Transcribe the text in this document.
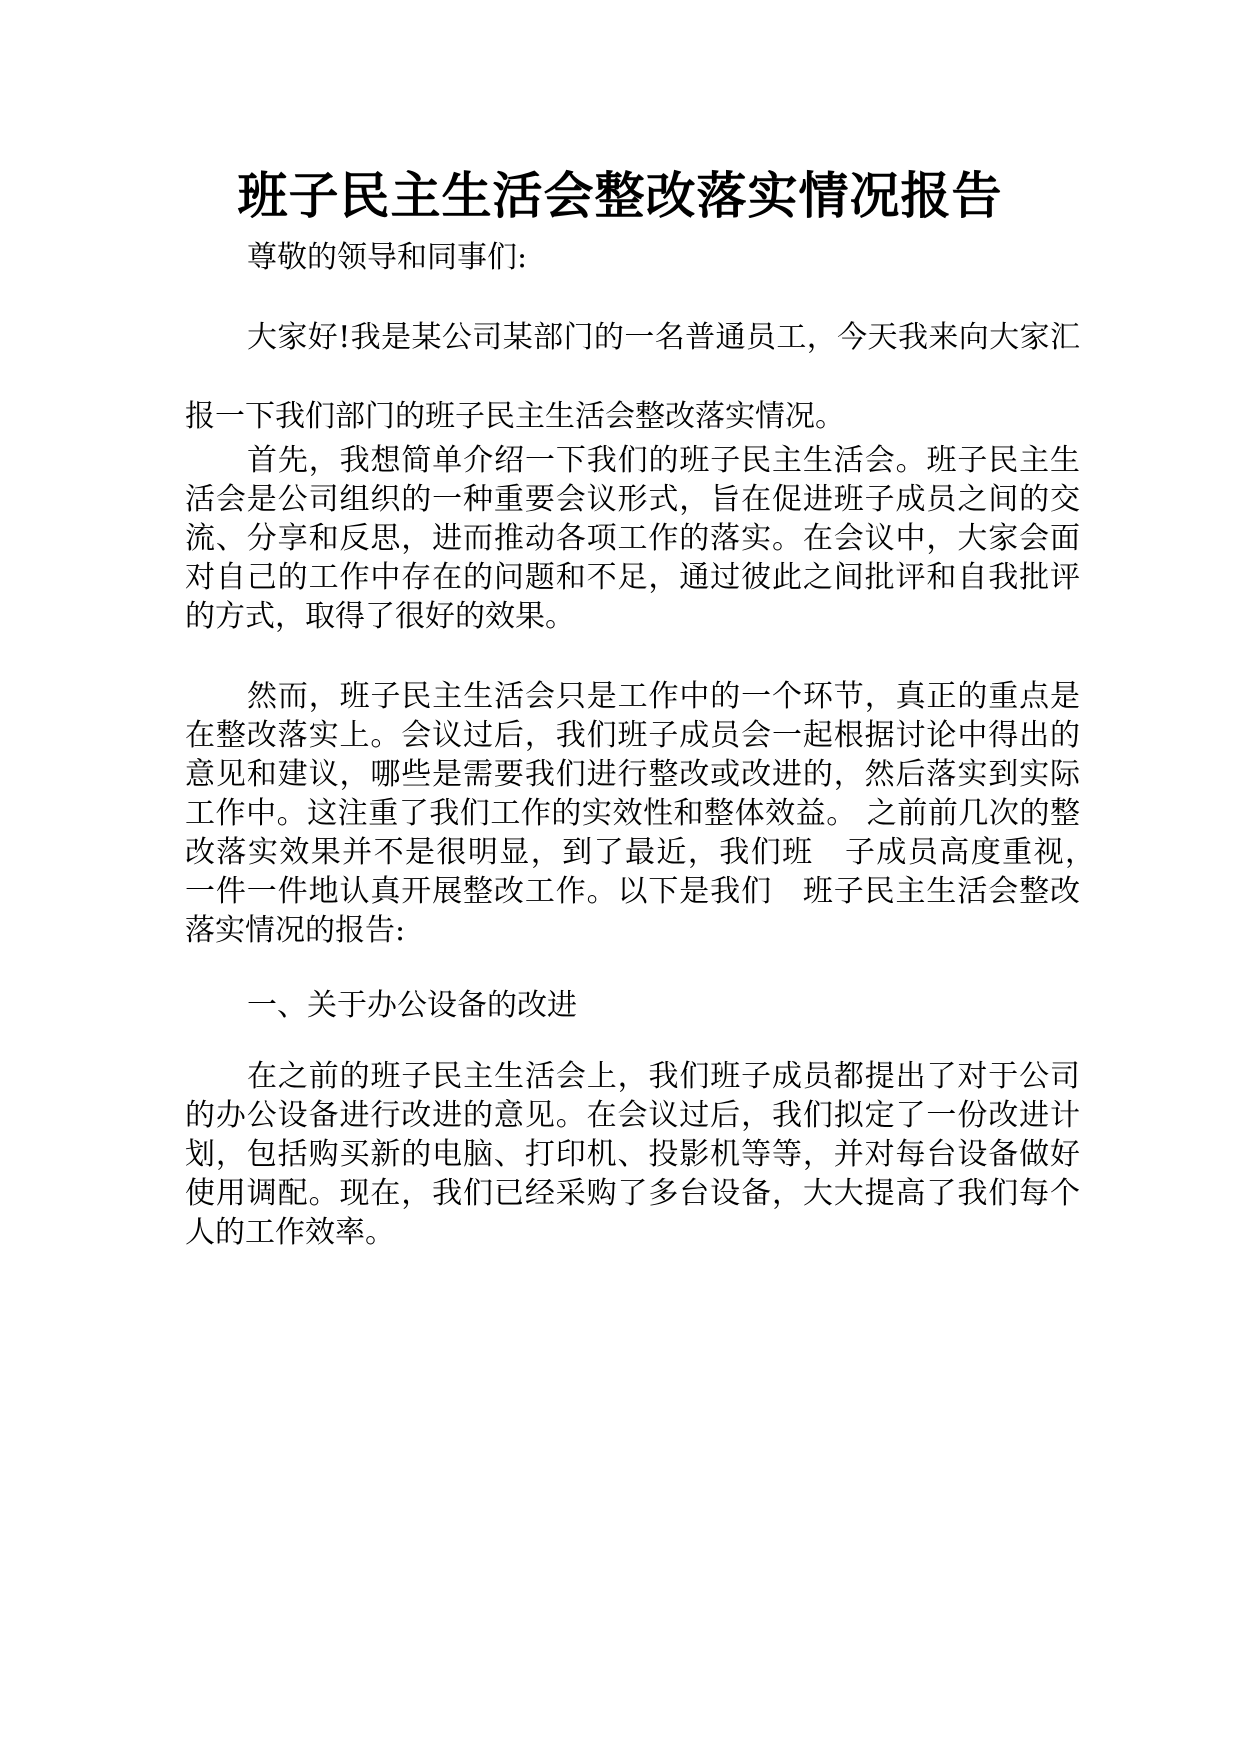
班子民主生活会整改落实情况报告

尊敬的领导和同事们:

大家好!我是某公司某部门的一名普通员工，今天我来向大家汇报一下我们部门的班子民主生活会整改落实情况。

首先，我想简单介绍一下我们的班子民主生活会。班子民主生活会是公司组织的一种重要会议形式，旨在促进班子成员之间的交流、分享和反思，进而推动各项工作的落实。在会议中，大家会面对自己的工作中存在的问题和不足，通过彼此之间批评和自我批评的方式，取得了很好的效果。

然而，班子民主生活会只是工作中的一个环节，真正的重点是在整改落实上。会议过后，我们班子成员会一起根据讨论中得出的意见和建议，哪些是需要我们进行整改或改进的，然后落实到实际工作中。这注重了我们工作的实效性和整体效益。 之前前几次的整改落实效果并不是很明显，到了最近，我们班　子成员高度重视，　一件一件地认真开展整改工作。以下是我们　班子民主生活会整改落实情况的报告:

一、关于办公设备的改进

在之前的班子民主生活会上，我们班子成员都提出了对于公司的办公设备进行改进的意见。在会议过后，我们拟定了一份改进计划，包括购买新的电脑、打印机、投影机等等，并对每台设备做好使用调配。现在，我们已经采购了多台设备，大大提高了我们每个人的工作效率。
